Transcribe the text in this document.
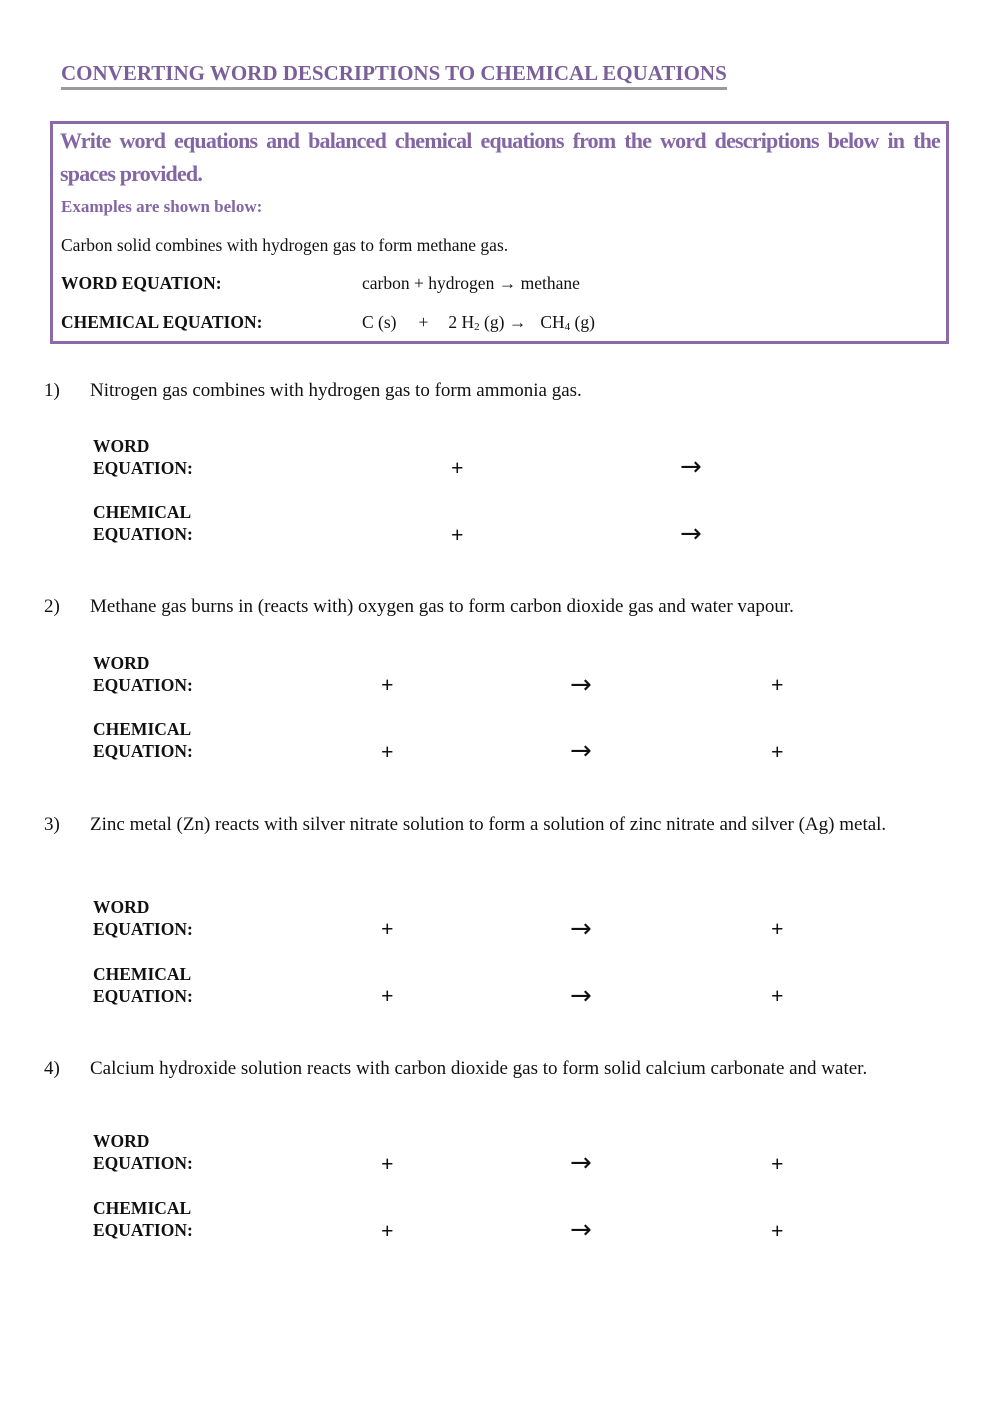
CONVERTING WORD DESCRIPTIONS TO CHEMICAL EQUATIONS
Write word equations and balanced chemical equations from the word descriptions below in the spaces provided.
Examples are shown below:
Carbon solid combines with hydrogen gas to form methane gas.
WORD EQUATION:	carbon + hydrogen → methane
CHEMICAL EQUATION:	C (s) + 2 $H_2$ $(g) \to CH_4$ (g)
1) Nitrogen gas combines with hydrogen gas to form ammonia gas.
WORD EQUATION:	+	→
CHEMICAL EQUATION:	+	→
2) Methane gas burns in (reacts with) oxygen gas to form carbon dioxide gas and water vapour.
WORD EQUATION:	+	→	+
CHEMICAL EQUATION:	+	→	+
3) Zinc metal (Zn) reacts with silver nitrate solution to form a solution of zinc nitrate and silver (Ag) metal.
WORD EQUATION:	+	→	+
CHEMICAL EQUATION:	+	→	+
4) Calcium hydroxide solution reacts with carbon dioxide gas to form solid calcium carbonate and water.
WORD EQUATION:	+	→	+
CHEMICAL EQUATION:	+	→	+
